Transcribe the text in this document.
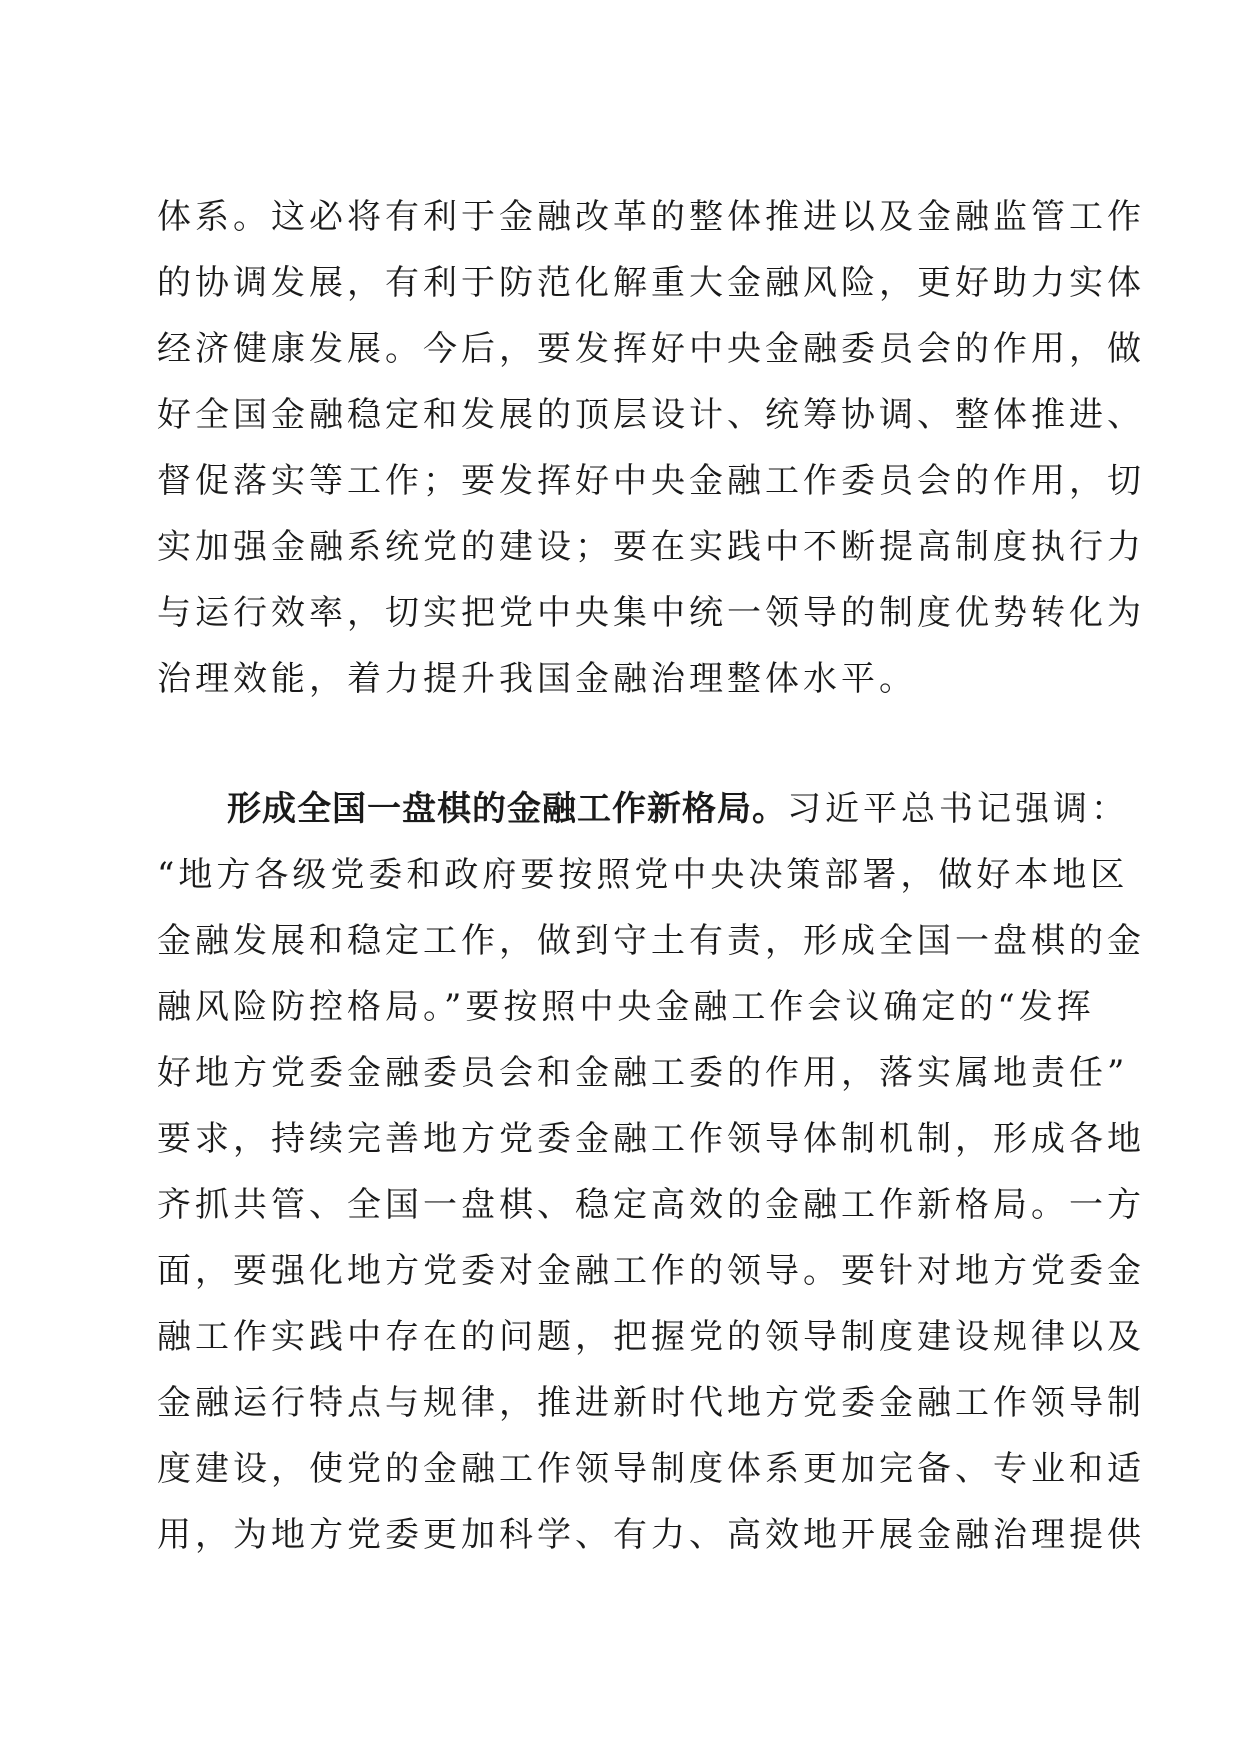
体系。这必将有利于金融改革的整体推进以及金融监管工作
的协调发展，有利于防范化解重大金融风险，更好助力实体
经济健康发展。今后，要发挥好中央金融委员会的作用，做
好全国金融稳定和发展的顶层设计、统筹协调、整体推进、
督促落实等工作；要发挥好中央金融工作委员会的作用，切
实加强金融系统党的建设；要在实践中不断提高制度执行力
与运行效率，切实把党中央集中统一领导的制度优势转化为
治理效能，着力提升我国金融治理整体水平。
形成全国一盘棋的金融工作新格局。习近平总书记强调：
“地方各级党委和政府要按照党中央决策部署，做好本地区
金融发展和稳定工作，做到守土有责，形成全国一盘棋的金
融风险防控格局。”要按照中央金融工作会议确定的“发挥
好地方党委金融委员会和金融工委的作用，落实属地责任”
要求，持续完善地方党委金融工作领导体制机制，形成各地
齐抓共管、全国一盘棋、稳定高效的金融工作新格局。一方
面，要强化地方党委对金融工作的领导。要针对地方党委金
融工作实践中存在的问题，把握党的领导制度建设规律以及
金融运行特点与规律，推进新时代地方党委金融工作领导制
度建设，使党的金融工作领导制度体系更加完备、专业和适
用，为地方党委更加科学、有力、高效地开展金融治理提供
